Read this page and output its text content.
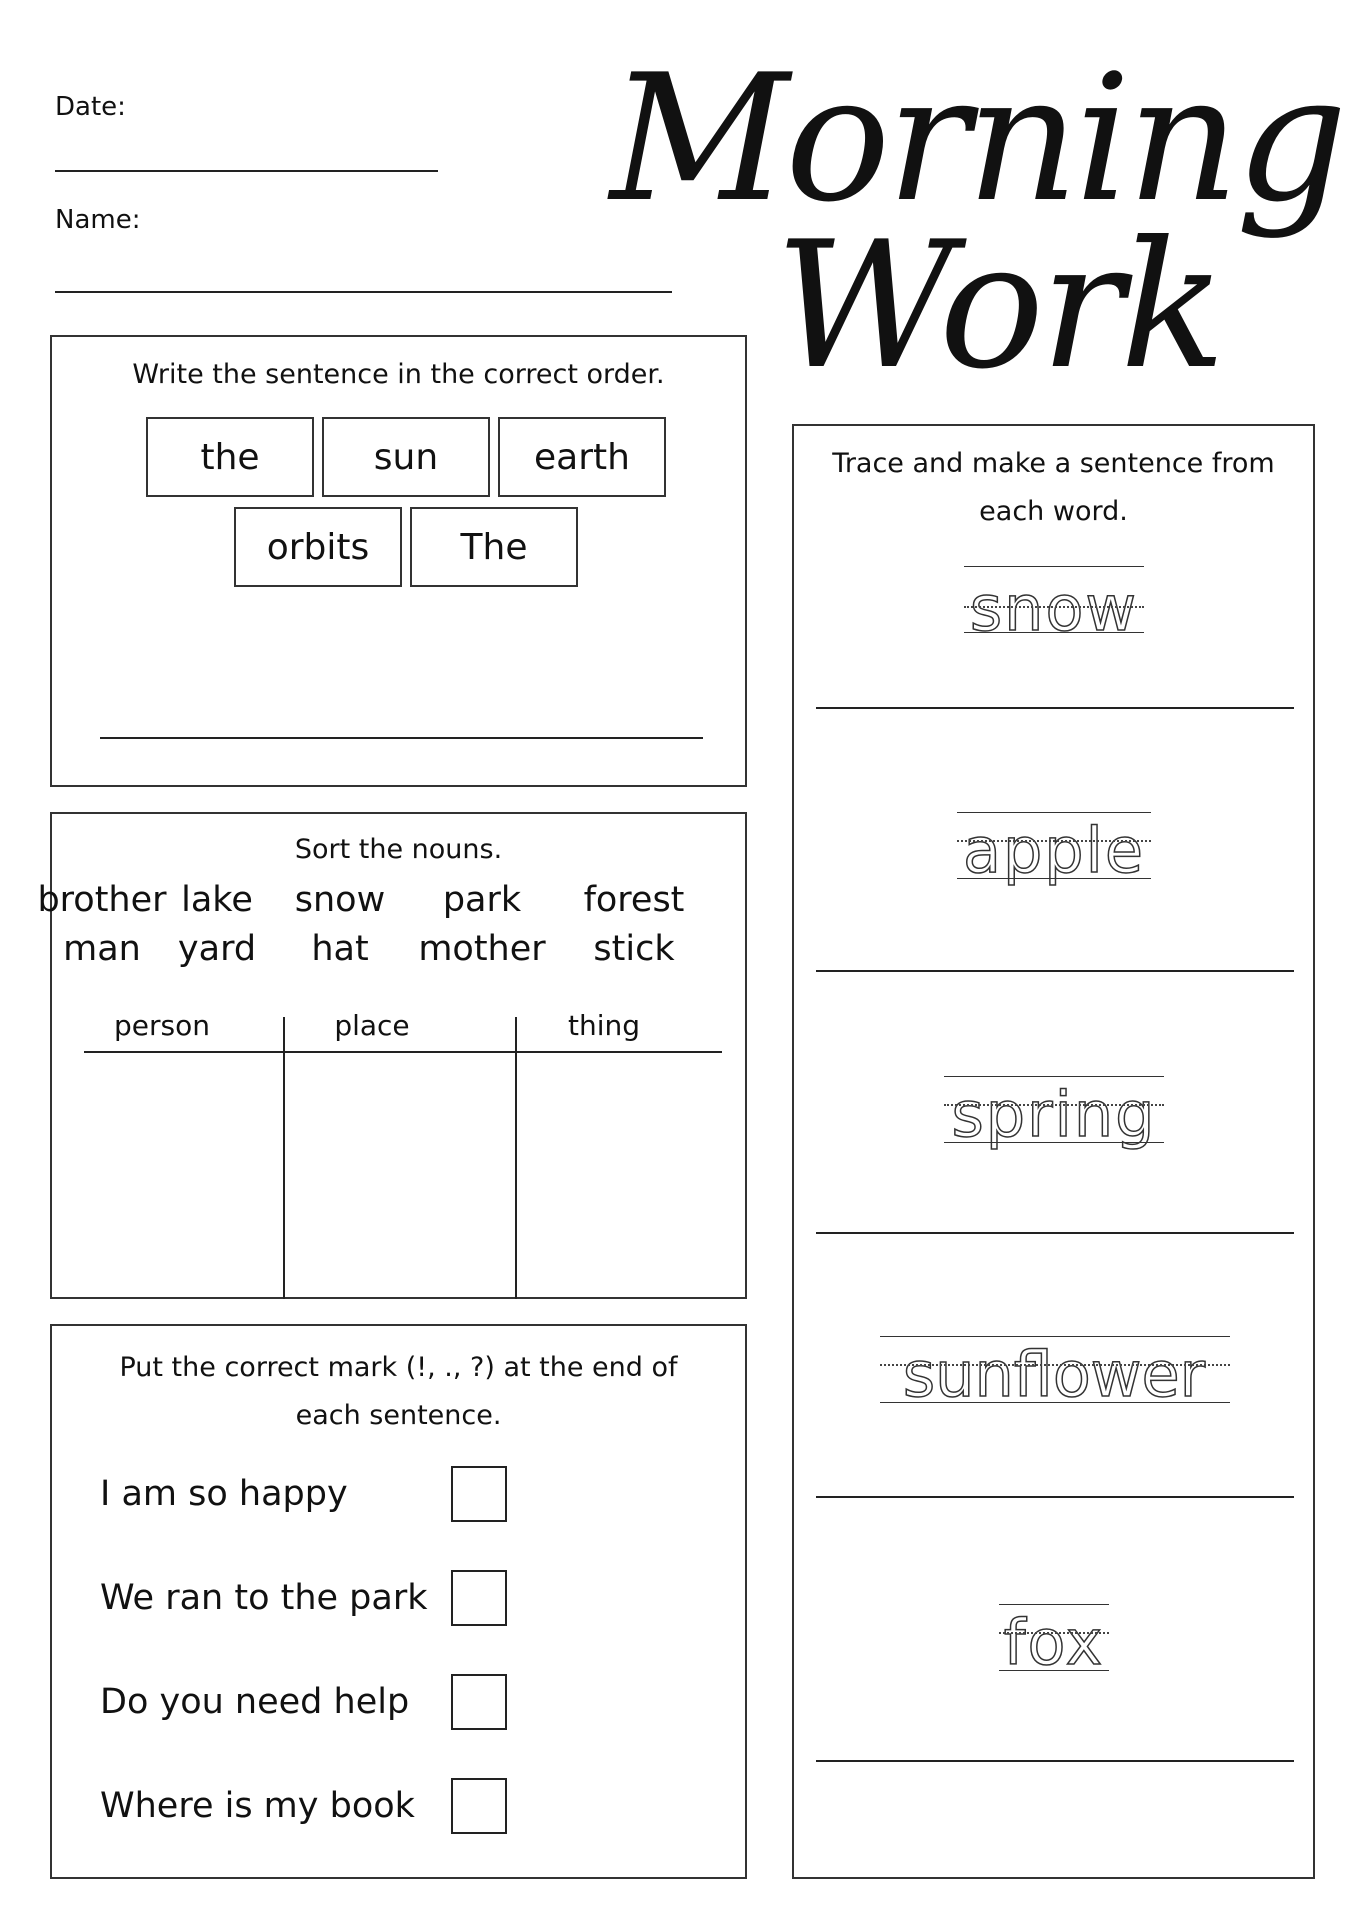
Date:
Name:	Morning
Work
Write the sentence in the correct order.
the	sun	earth
orbits	The
Sort the nouns.
brother lake	snow	park	forest
man	yard	hat	mother	stick
person	place	thing
Put the correct mark (!, ., ?) at the end of
each sentence.
I am so happy
We ran to the park
Do you need help
Where is my book
Trace and make a sentence from
each word.
snow
apple
spring
sunflower
fox
